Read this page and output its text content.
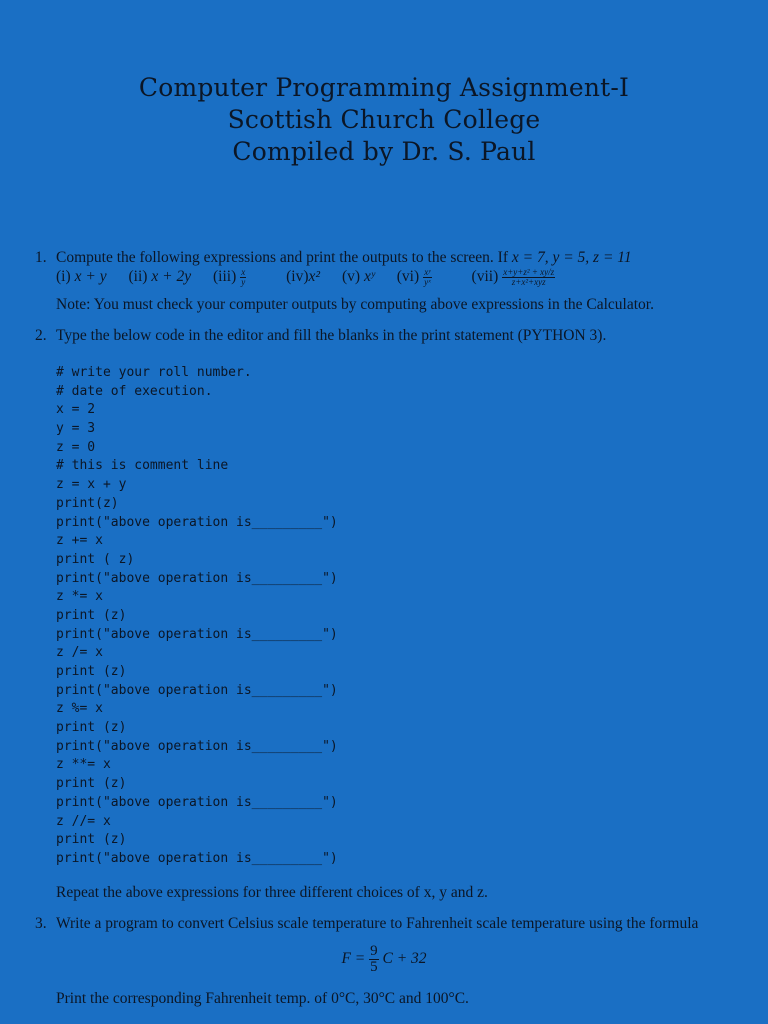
Computer Programming Assignment-I
Scottish Church College
Compiled by Dr. S. Paul
1. Compute the following expressions and print the outputs to the screen. If x = 7, y = 5, z = 11
(i) x + y (ii) x + 2y $(iii) \frac{x}{y} (iv)x^2$ (v) xʸ $(vi) \frac{\text{xʸ}}{\text{yˣ}} (vii) \frac{\text{x+y+z² + xy/z}}{\text{z+x²+xyz}}$
Note: You must check your computer outputs by computing above expressions in the Calculator.
2. Type the below code in the editor and fill the blanks in the print statement (PYTHON 3).
# write your roll number.
# date of execution.
x = 2
y = 3
z = 0
# this is comment line
z = x + y
print(z)
print("above operation is_________")
z += x
print ( z)
print("above operation is_________")
z *= x
print (z)
print("above operation is_________")
z /= x
print (z)
print("above operation is_________")
z %= x
print (z)
print("above operation is_________")
z **= x
print (z)
print("above operation is_________")
z //= x
print (z)
print("above operation is_________")
Repeat the above expressions for three different choices of x, y and z.
3. Write a program to convert Celsius scale temperature to Fahrenheit scale temperature using the formula
$F = \frac{9}{5}$ C + 32
Print the corresponding Fahrenheit temp. of 0°C, 30°C and 100°C.
